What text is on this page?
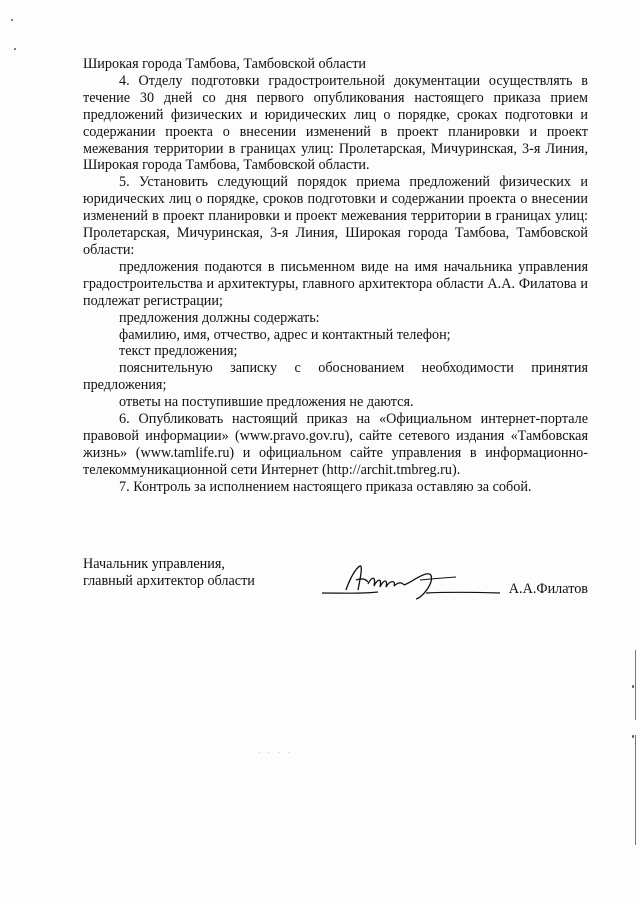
Широкая города Тамбова, Тамбовской области

4. Отделу подготовки градостроительной документации осуществлять в течение 30 дней со дня первого опубликования настоящего приказа прием предложений физических и юридических лиц о порядке, сроках подготовки и содержании проекта о внесении изменений в проект планировки и проект межевания территории в границах улиц: Пролетарская, Мичуринская, 3-я Линия, Широкая города Тамбова, Тамбовской области.

5. Установить следующий порядок приема предложений физических и юридических лиц о порядке, сроков подготовки и содержании проекта о внесении изменений в проект планировки и проект межевания территории в границах улиц: Пролетарская, Мичуринская, 3-я Линия, Широкая города Тамбова, Тамбовской области:

предложения подаются в письменном виде на имя начальника управления градостроительства и архитектуры, главного архитектора области А.А. Филатова и подлежат регистрации;

предложения должны содержать:

фамилию, имя, отчество, адрес и контактный телефон;

текст предложения;

пояснительную записку с обоснованием необходимости принятия предложения;

ответы на поступившие предложения не даются.

6. Опубликовать настоящий приказ на «Официальном интернет-портале правовой информации» (www.pravo.gov.ru), сайте сетевого издания «Тамбовская жизнь» (www.tamlife.ru) и официальном сайте управления в информационно-телекоммуникационной сети Интернет (http://archit.tmbreg.ru).

7. Контроль за исполнением настоящего приказа оставляю за собой.

Начальник управления,
главный архитектор области	А.А.Филатов
. . . .
